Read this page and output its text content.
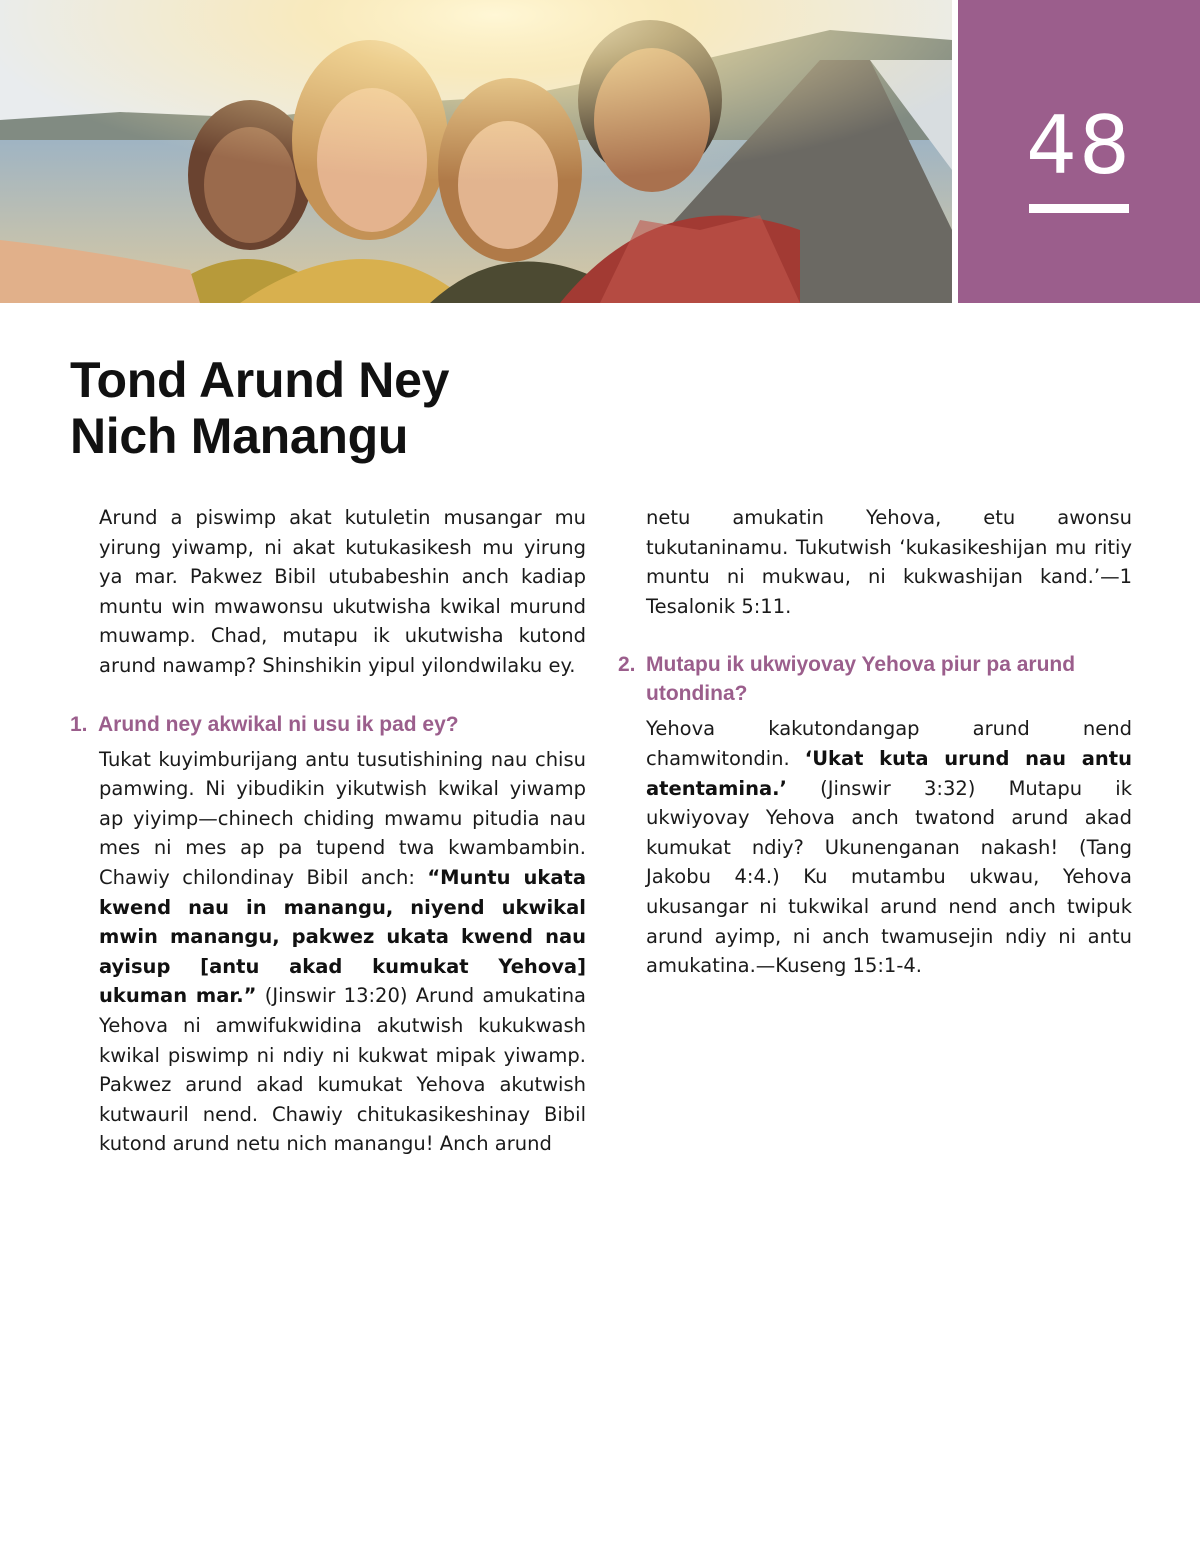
48
Tond Arund Ney
Nich Manangu

Arund a piswimp akat kutuletin musangar mu yirung yiwamp, ni akat kutukasikesh mu yirung ya mar. Pakwez Bibil utubabeshin anch kadiap muntu win mwawonsu ukutwisha kwikal murund muwamp. Chad, mutapu ik ukutwisha kutond arund nawamp? Shinshikin yipul yilondwilaku ey.

1. Arund ney akwikal ni usu ik pad ey?

Tukat kuyimburijang antu tusutishining nau chisu pamwing. Ni yibudikin yikutwish kwikal yiwamp ap yiyimp—chinech chiding mwamu pitudia nau mes ni mes ap pa tupend twa kwambambin. Chawiy chilondinay Bibil anch: “Muntu ukata kwend nau in manangu, niyend ukwikal mwin manangu, pakwez ukata kwend nau ayisup [antu akad kumukat Yehova] ukuman mar.” (Jinswir 13:20) Arund amukatina Yehova ni amwifukwidina akutwish kukukwash kwikal piswimp ni ndiy ni kukwat mipak yiwamp. Pakwez arund akad kumukat Yehova akutwish kutwauril nend. Chawiy chitukasikeshinay Bibil kutond arund netu nich manangu! Anch arund

netu amukatin Yehova, etu awonsu tukutaninamu. Tukutwish ‘kukasikeshijan mu ritiy muntu ni mukwau, ni kukwashijan kand.’—1 Tesalonik 5:11.

2. Mutapu ik ukwiyovay Yehova piur pa arund utondina?

Yehova kakutondangap arund nend chamwitondin. ‘Ukat kuta urund nau antu atentamina.’ (Jinswir 3:32) Mutapu ik ukwiyovay Yehova anch twatond arund akad kumukat ndiy? Ukunenganan nakash! (Tang Jakobu 4:4.) Ku mutambu ukwau, Yehova ukusangar ni tukwikal arund nend anch twipuk arund ayimp, ni anch twamusejin ndiy ni antu amukatina.—Kuseng 15:1-4.
